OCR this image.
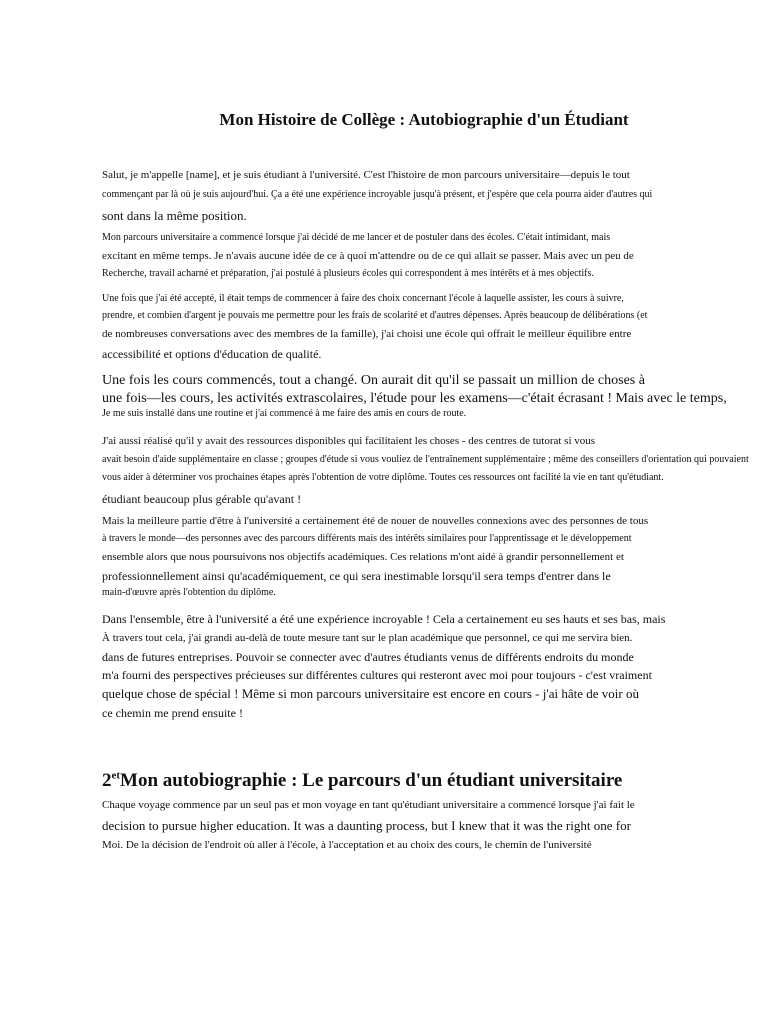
Mon Histoire de Collège : Autobiographie d'un Étudiant
Salut, je m'appelle [name], et je suis étudiant à l'université. C'est l'histoire de mon parcours universitaire—depuis le tout
commençant par là où je suis aujourd'hui. Ça a été une expérience incroyable jusqu'à présent, et j'espère que cela pourra aider d'autres qui
sont dans la même position.
Mon parcours universitaire a commencé lorsque j'ai décidé de me lancer et de postuler dans des écoles. C'était intimidant, mais
excitant en même temps. Je n'avais aucune idée de ce à quoi m'attendre ou de ce qui allait se passer. Mais avec un peu de
Recherche, travail acharné et préparation, j'ai postulé à plusieurs écoles qui correspondent à mes intérêts et à mes objectifs.
Une fois que j'ai été accepté, il était temps de commencer à faire des choix concernant l'école à laquelle assister, les cours à suivre,
prendre, et combien d'argent je pouvais me permettre pour les frais de scolarité et d'autres dépenses. Après beaucoup de délibérations (et
de nombreuses conversations avec des membres de la famille), j'ai choisi une école qui offrait le meilleur équilibre entre
accessibilité et options d'éducation de qualité.
Une fois les cours commencés, tout a changé. On aurait dit qu'il se passait un million de choses à
une fois—les cours, les activités extrascolaires, l'étude pour les examens—c'était écrasant ! Mais avec le temps,
Je me suis installé dans une routine et j'ai commencé à me faire des amis en cours de route.
J'ai aussi réalisé qu'il y avait des ressources disponibles qui facilitaient les choses - des centres de tutorat si vous
avait besoin d'aide supplémentaire en classe ; groupes d'étude si vous vouliez de l'entraînement supplémentaire ; même des conseillers d'orientation qui pouvaient
vous aider à déterminer vos prochaines étapes après l'obtention de votre diplôme. Toutes ces ressources ont facilité la vie en tant qu'étudiant.
étudiant beaucoup plus gérable qu'avant !
Mais la meilleure partie d'être à l'université a certainement été de nouer de nouvelles connexions avec des personnes de tous
à travers le monde—des personnes avec des parcours différents mais des intérêts similaires pour l'apprentissage et le développement
ensemble alors que nous poursuivons nos objectifs académiques. Ces relations m'ont aidé à grandir personnellement et
professionnellement ainsi qu'académiquement, ce qui sera inestimable lorsqu'il sera temps d'entrer dans le
main-d'œuvre après l'obtention du diplôme.
Dans l'ensemble, être à l'université a été une expérience incroyable ! Cela a certainement eu ses hauts et ses bas, mais
À travers tout cela, j'ai grandi au-delà de toute mesure tant sur le plan académique que personnel, ce qui me servira bien.
dans de futures entreprises. Pouvoir se connecter avec d'autres étudiants venus de différents endroits du monde
m'a fourni des perspectives précieuses sur différentes cultures qui resteront avec moi pour toujours - c'est vraiment
quelque chose de spécial ! Même si mon parcours universitaire est encore en cours - j'ai hâte de voir où
ce chemin me prend ensuite !
$2^{et}Mon$ autobiographie : Le parcours d'un étudiant universitaire
Chaque voyage commence par un seul pas et mon voyage en tant qu'étudiant universitaire a commencé lorsque j'ai fait le
decision to pursue higher education. It was a daunting process, but I knew that it was the right one for
Moi. De la décision de l'endroit où aller à l'école, à l'acceptation et au choix des cours, le chemin de l'université
